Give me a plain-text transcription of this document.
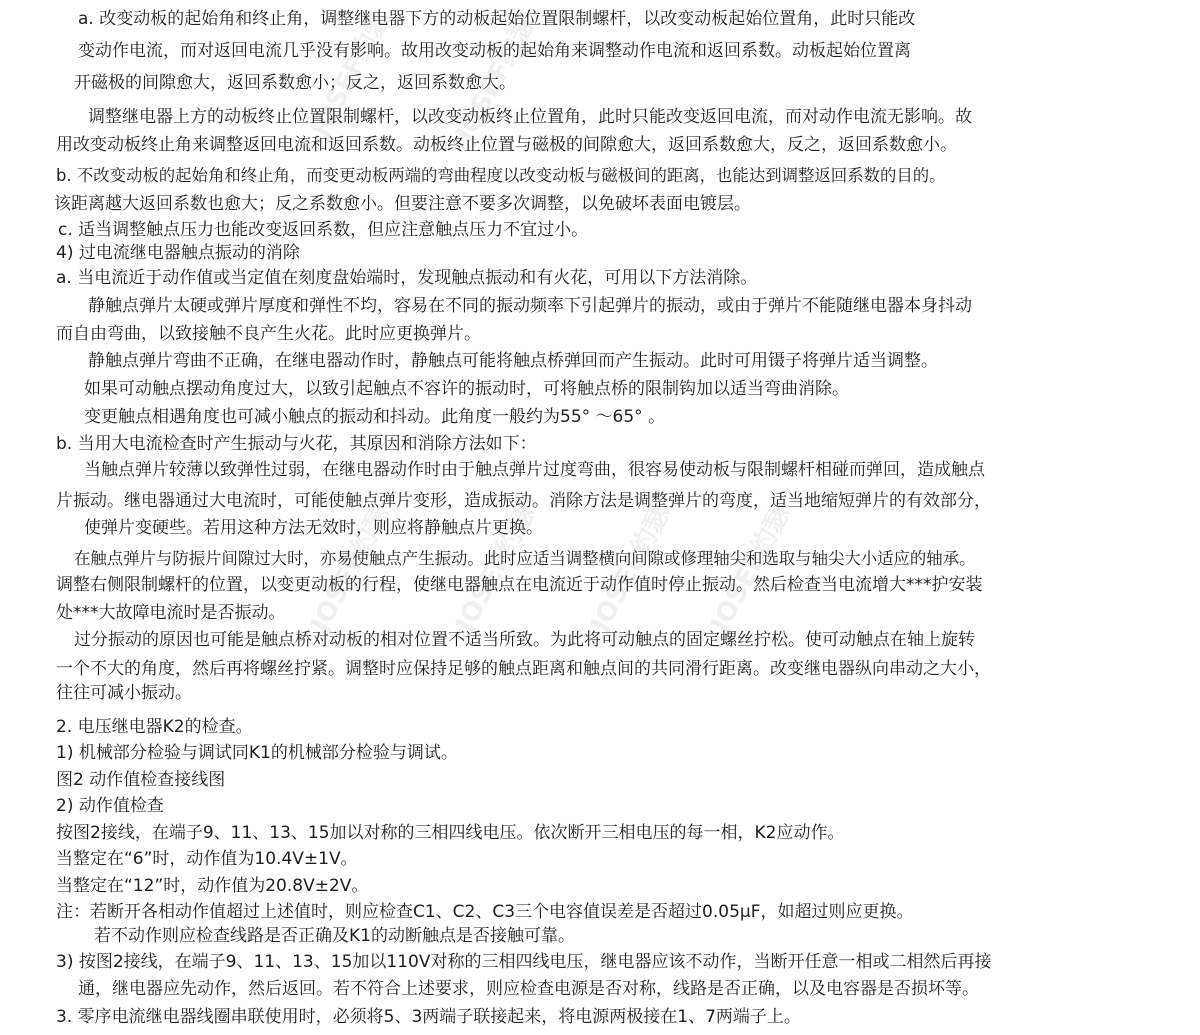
JOSEF约瑟 JOSEF约瑟
JOSEF约瑟 JOSEF约瑟 JOSEF约瑟 JOSEF约瑟
a. 改变动板的起始角和终止角，调整继电器下方的动板起始位置限制螺杆，以改变动板起始位置角，此时只能改
变动作电流，而对返回电流几乎没有影响。故用改变动板的起始角来调整动作电流和返回系数。动板起始位置离
开磁极的间隙愈大，返回系数愈小；反之，返回系数愈大。
调整继电器上方的动板终止位置限制螺杆，以改变动板终止位置角，此时只能改变返回电流，而对动作电流无影响。故
用改变动板终止角来调整返回电流和返回系数。动板终止位置与磁极的间隙愈大，返回系数愈大，反之，返回系数愈小。
b. 不改变动板的起始角和终止角，而变更动板两端的弯曲程度以改变动板与磁极间的距离，也能达到调整返回系数的目的。
该距离越大返回系数也愈大；反之系数愈小。但要注意不要多次调整，以免破坏表面电镀层。
c. 适当调整触点压力也能改变返回系数，但应注意触点压力不宜过小。
4) 过电流继电器触点振动的消除
a. 当电流近于动作值或当定值在刻度盘始端时，发现触点振动和有火花，可用以下方法消除。
静触点弹片太硬或弹片厚度和弹性不均，容易在不同的振动频率下引起弹片的振动，或由于弹片不能随继电器本身抖动
而自由弯曲，以致接触不良产生火花。此时应更换弹片。
静触点弹片弯曲不正确，在继电器动作时，静触点可能将触点桥弹回而产生振动。此时可用镊子将弹片适当调整。
如果可动触点摆动角度过大，以致引起触点不容许的振动时，可将触点桥的限制钩加以适当弯曲消除。
变更触点相遇角度也可减小触点的振动和抖动。此角度一般约为55° ～65° 。
b. 当用大电流检查时产生振动与火花，其原因和消除方法如下：
当触点弹片较薄以致弹性过弱，在继电器动作时由于触点弹片过度弯曲，很容易使动板与限制螺杆相碰而弹回，造成触点
片振动。继电器通过大电流时，可能使触点弹片变形，造成振动。消除方法是调整弹片的弯度，适当地缩短弹片的有效部分，
使弹片变硬些。若用这种方法无效时，则应将静触点片更换。
在触点弹片与防振片间隙过大时，亦易使触点产生振动。此时应适当调整横向间隙或修理轴尖和选取与轴尖大小适应的轴承。
调整右侧限制螺杆的位置，以变更动板的行程，使继电器触点在电流近于动作值时停止振动。然后检查当电流增大***护安装
处***大故障电流时是否振动。
过分振动的原因也可能是触点桥对动板的相对位置不适当所致。为此将可动触点的固定螺丝拧松。使可动触点在轴上旋转
一个不大的角度，然后再将螺丝拧紧。调整时应保持足够的触点距离和触点间的共同滑行距离。改变继电器纵向串动之大小，
往往可减小振动。
2. 电压继电器K2的检查。
1) 机械部分检验与调试同K1的机械部分检验与调试。
图2 动作值检查接线图
2) 动作值检查
按图2接线，在端子9、11、13、15加以对称的三相四线电压。依次断开三相电压的每一相，K2应动作。
当整定在“6”时，动作值为10.4V±1V。
当整定在“12”时，动作值为20.8V±2V。
注：若断开各相动作值超过上述值时，则应检查C1、C2、C3三个电容值误差是否超过0.05μF，如超过则应更换。
若不动作则应检查线路是否正确及K1的动断触点是否接触可靠。
3) 按图2接线，在端子9、11、13、15加以110V对称的三相四线电压，继电器应该不动作，当断开任意一相或二相然后再接
通，继电器应先动作，然后返回。若不符合上述要求，则应检查电源是否对称，线路是否正确，以及电容器是否损坏等。
3. 零序电流继电器线圈串联使用时，必须将5、3两端子联接起来，将电源两极接在1、7两端子上。
